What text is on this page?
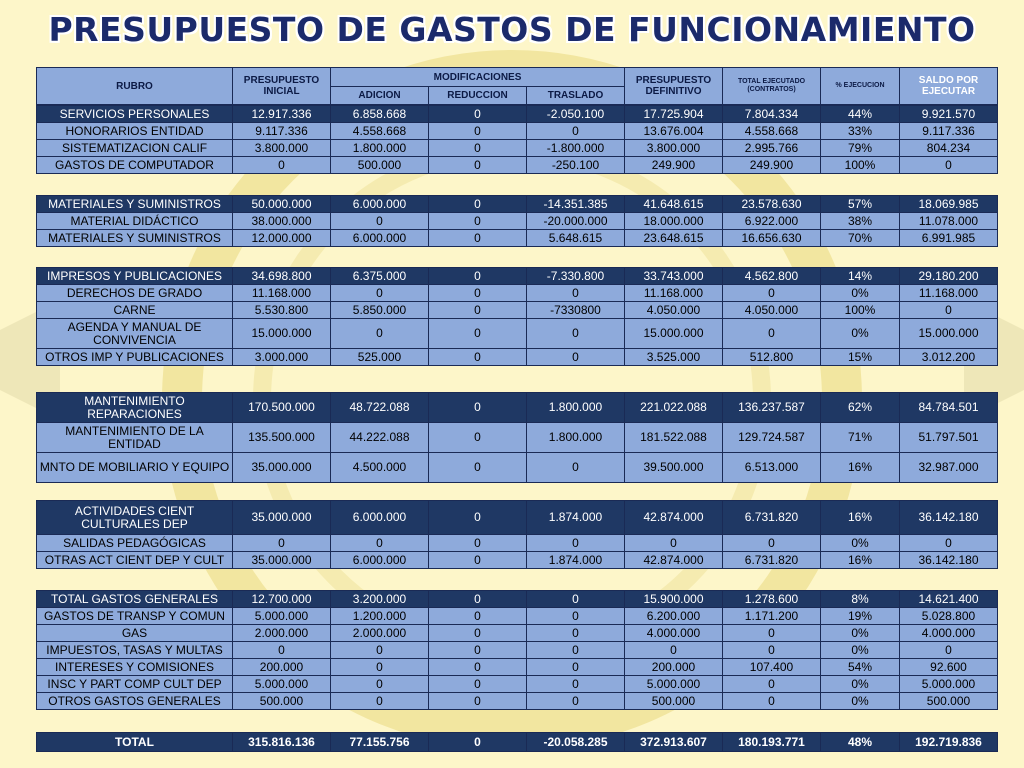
PRESUPUESTO DE GASTOS DE FUNCIONAMIENTO
RUBRO	PRESUPUESTO INICIAL	MODIFICACIONES			PRESUPUESTO DEFINITIVO	TOTAL EJECUTADO (CONTRATOS)	% EJECUCION	SALDO POR EJECUTAR
		ADICION	REDUCCION	TRASLADO				
SERVICIOS PERSONALES	12.917.336	6.858.668	0	-2.050.100	17.725.904	7.804.334	44%	9.921.570
HONORARIOS ENTIDAD	9.117.336	4.558.668	0	0	13.676.004	4.558.668	33%	9.117.336
SISTEMATIZACION CALIF	3.800.000	1.800.000	0	-1.800.000	3.800.000	2.995.766	79%	804.234
GASTOS DE COMPUTADOR	0	500.000	0	-250.100	249.900	249.900	100%	0
MATERIALES Y SUMINISTROS	50.000.000	6.000.000	0	-14.351.385	41.648.615	23.578.630	57%	18.069.985
MATERIAL DIDÁCTICO	38.000.000	0	0	-20.000.000	18.000.000	6.922.000	38%	11.078.000
MATERIALES Y SUMINISTROS	12.000.000	6.000.000	0	5.648.615	23.648.615	16.656.630	70%	6.991.985
IMPRESOS Y PUBLICACIONES	34.698.800	6.375.000	0	-7.330.800	33.743.000	4.562.800	14%	29.180.200
DERECHOS DE GRADO	11.168.000	0	0	0	11.168.000	0	0%	11.168.000
CARNE	5.530.800	5.850.000	0	-7330800	4.050.000	4.050.000	100%	0
AGENDA Y MANUAL DE CONVIVENCIA	15.000.000	0	0	0	15.000.000	0	0%	15.000.000
OTROS IMP Y PUBLICACIONES	3.000.000	525.000	0	0	3.525.000	512.800	15%	3.012.200
MANTENIMIENTO REPARACIONES	170.500.000	48.722.088	0	1.800.000	221.022.088	136.237.587	62%	84.784.501
MANTENIMIENTO DE LA ENTIDAD	135.500.000	44.222.088	0	1.800.000	181.522.088	129.724.587	71%	51.797.501
MNTO DE MOBILIARIO Y EQUIPO	35.000.000	4.500.000	0	0	39.500.000	6.513.000	16%	32.987.000
ACTIVIDADES CIENT CULTURALES DEP	35.000.000	6.000.000	0	1.874.000	42.874.000	6.731.820	16%	36.142.180
SALIDAS PEDAGÓGICAS	0	0	0	0	0	0	0%	0
OTRAS ACT CIENT DEP Y CULT	35.000.000	6.000.000	0	1.874.000	42.874.000	6.731.820	16%	36.142.180
TOTAL GASTOS GENERALES	12.700.000	3.200.000	0	0	15.900.000	1.278.600	8%	14.621.400
GASTOS DE TRANSP Y COMUN	5.000.000	1.200.000	0	0	6.200.000	1.171.200	19%	5.028.800
GAS	2.000.000	2.000.000	0	0	4.000.000	0	0%	4.000.000
IMPUESTOS, TASAS Y MULTAS	0	0	0	0	0	0	0%	0
INTERESES Y COMISIONES	200.000	0	0	0	200.000	107.400	54%	92.600
INSC Y PART COMP CULT DEP	5.000.000	0	0	0	5.000.000	0	0%	5.000.000
OTROS GASTOS GENERALES	500.000	0	0	0	500.000	0	0%	500.000
TOTAL	315.816.136	77.155.756	0	-20.058.285	372.913.607	180.193.771	48%	192.719.836
